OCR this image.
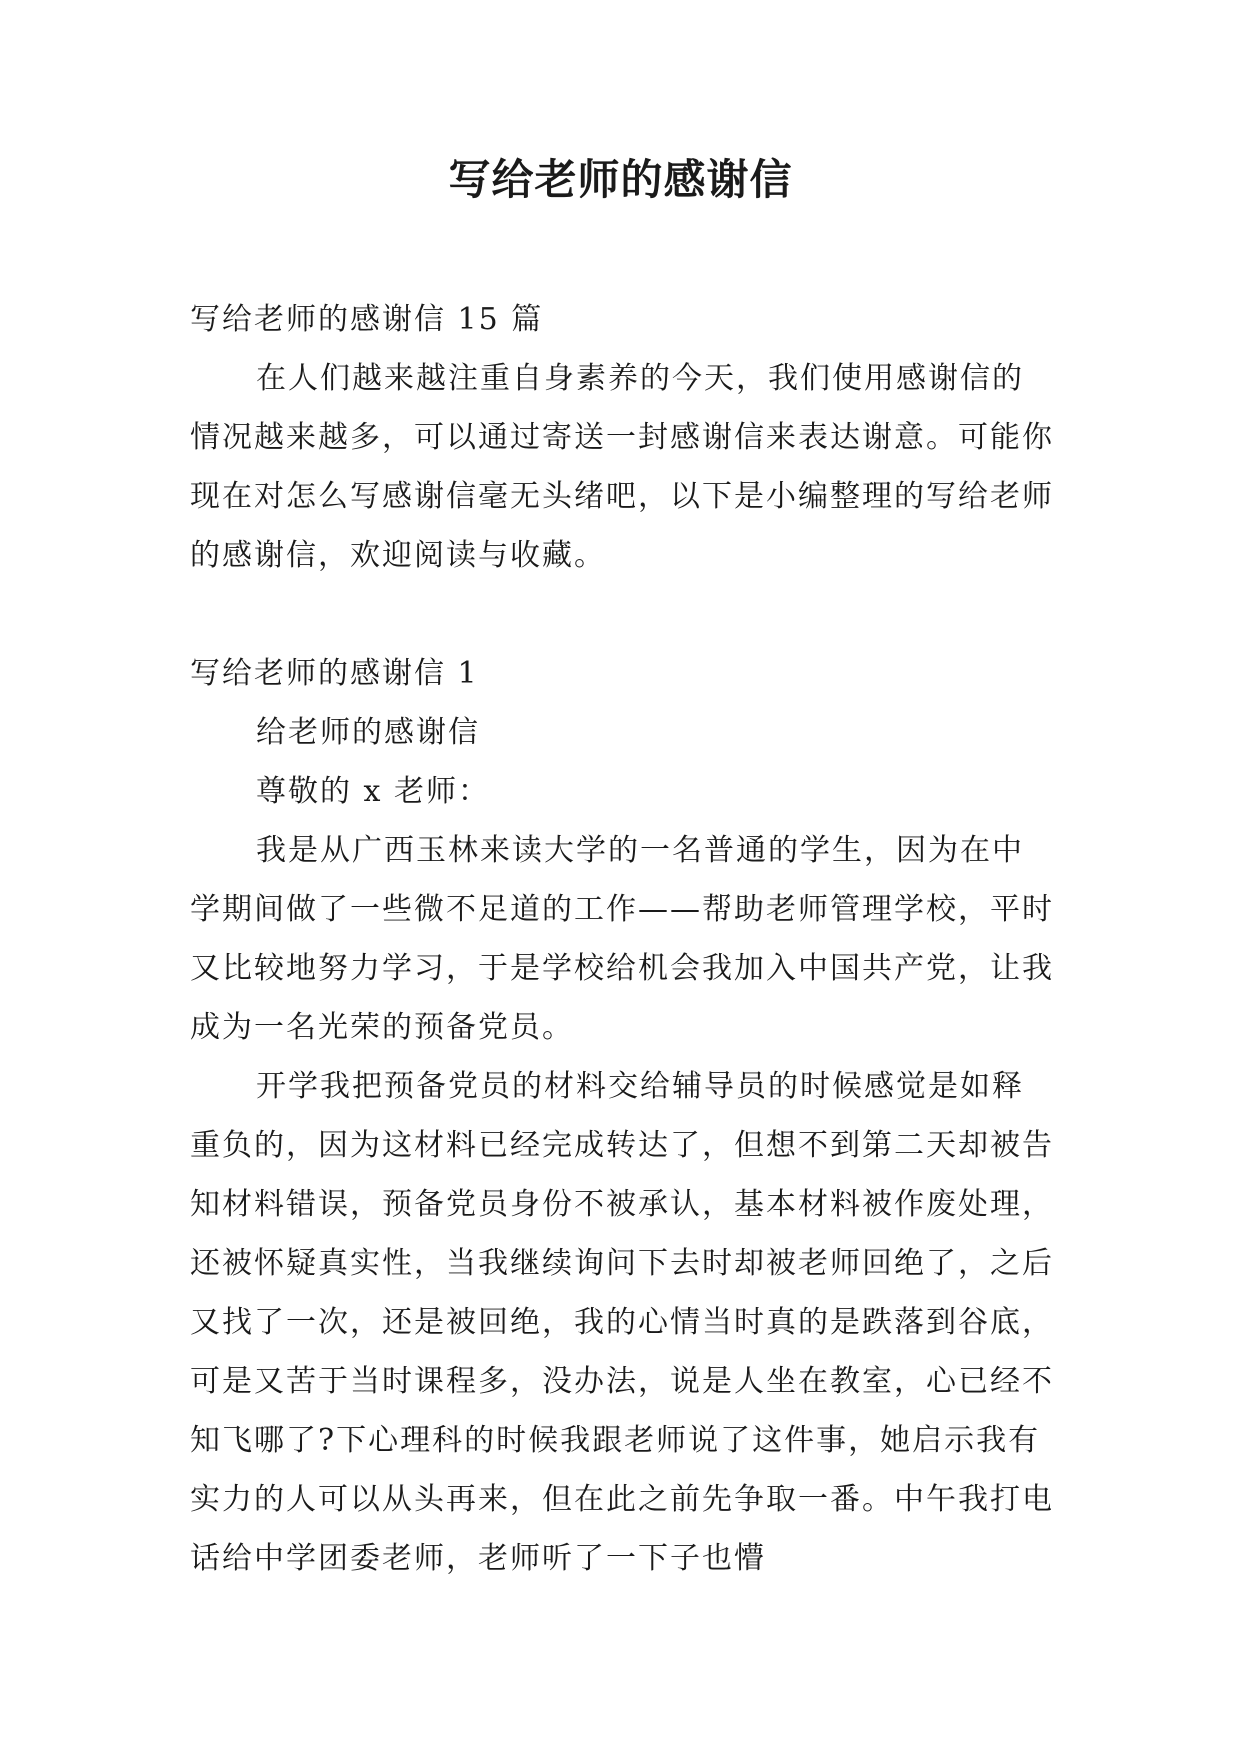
写给老师的感谢信

写给老师的感谢信 15 篇

在人们越来越注重自身素养的今天，我们使用感谢信的情况越来越多，可以通过寄送一封感谢信来表达谢意。可能你现在对怎么写感谢信毫无头绪吧，以下是小编整理的写给老师的感谢信，欢迎阅读与收藏。

写给老师的感谢信 1

给老师的感谢信

尊敬的 x 老师：

我是从广西玉林来读大学的一名普通的学生，因为在中学期间做了一些微不足道的工作——帮助老师管理学校，平时又比较地努力学习，于是学校给机会我加入中国共产党，让我成为一名光荣的预备党员。

开学我把预备党员的材料交给辅导员的时候感觉是如释重负的，因为这材料已经完成转达了，但想不到第二天却被告知材料错误，预备党员身份不被承认，基本材料被作废处理，还被怀疑真实性，当我继续询问下去时却被老师回绝了，之后又找了一次，还是被回绝，我的心情当时真的是跌落到谷底，可是又苦于当时课程多，没办法，说是人坐在教室，心已经不知飞哪了?下心理科的时候我跟老师说了这件事，她启示我有实力的人可以从头再来，但在此之前先争取一番。中午我打电话给中学团委老师，老师听了一下子也懵
